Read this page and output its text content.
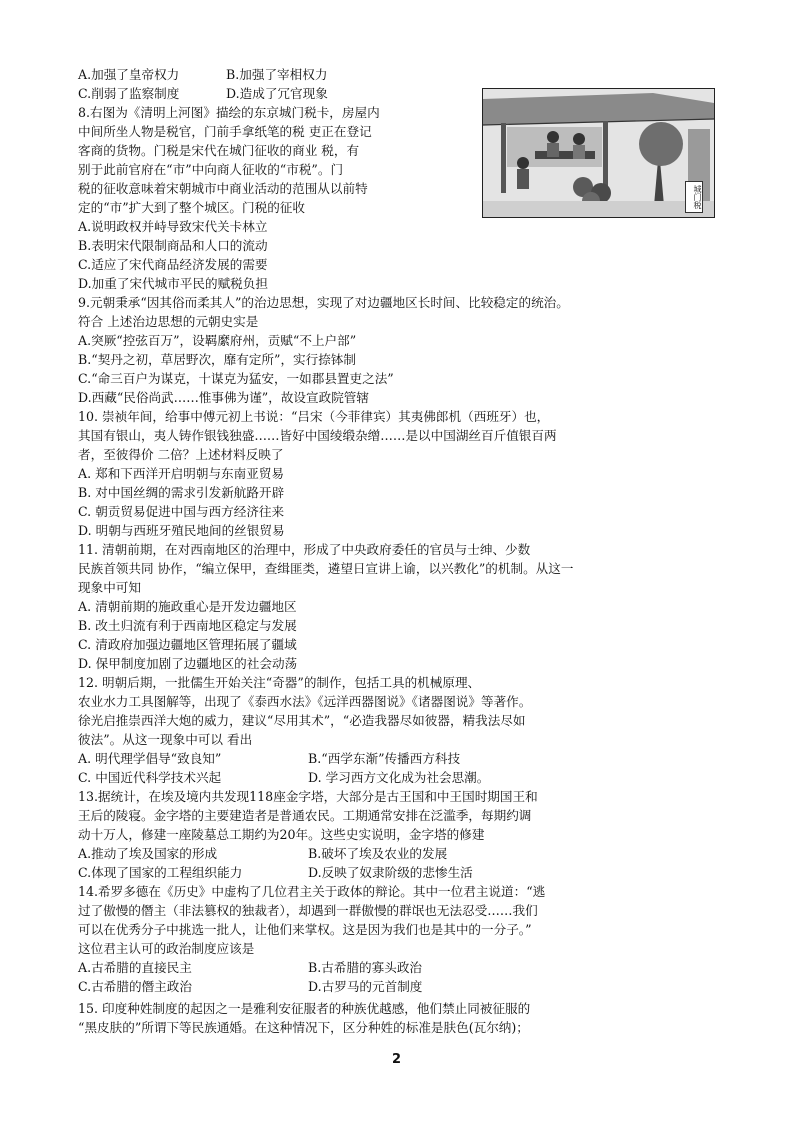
A.加强了皇帝权力	B.加强了宰相权力
C.削弱了监察制度	D.造成了冗官现象
城门税
8.右图为《清明上河图》描绘的东京城门税卡，房屋内
中间所坐人物是税官，门前手拿纸笔的税 吏正在登记
客商的货物。门税是宋代在城门征收的商业 税，有
别于此前官府在“市”中向商人征收的“市税”。门
税的征收意味着宋朝城市中商业活动的范围从以前特
定的“市”扩大到了整个城区。门税的征收
A.说明政权并峙导致宋代关卡林立
B.表明宋代限制商品和人口的流动
C.适应了宋代商品经济发展的需要
D.加重了宋代城市平民的赋税负担
9.元朝秉承“因其俗而柔其人”的治边思想，实现了对边疆地区长时间、比较稳定的统治。
符合 上述治边思想的元朝史实是
A.突厥“控弦百万”，设羁縻府州，贡赋“不上户部”
B.“契丹之初，草居野次，靡有定所”，实行捺钵制
C.“命三百户为谋克，十谋克为猛安，一如郡县置吏之法”
D.西藏“民俗尚武……惟事佛为谨”，故设宣政院管辖
10. 崇祯年间，给事中傅元初上书说：“吕宋（今菲律宾）其夷佛郎机（西班牙）也，
其国有银山，夷人铸作银钱独盛……皆好中国绫缎杂缯……是以中国湖丝百斤值银百两
者，至彼得价 二倍？上述材料反映了
A. 郑和下西洋开启明朝与东南亚贸易
B. 对中国丝绸的需求引发新航路开辟
C. 朝贡贸易促进中国与西方经济往来
D. 明朝与西班牙殖民地间的丝银贸易
11. 清朝前期，在对西南地区的治理中，形成了中央政府委任的官员与士绅、少数
民族首领共同 协作，“编立保甲，查缉匪类，遴望日宣讲上谕，以兴教化”的机制。从这一
现象中可知
A. 清朝前期的施政重心是开发边疆地区
B. 改土归流有利于西南地区稳定与发展
C. 清政府加强边疆地区管理拓展了疆域
D. 保甲制度加剧了边疆地区的社会动荡
12. 明朝后期，一批儒生开始关注“奇器”的制作，包括工具的机械原理、
农业水力工具图解等，出现了《泰西水法》《远洋西器图说》《诸器图说》等著作。
徐光启推崇西洋大炮的威力，建议“尽用其术”，“必造我器尽如彼器，精我法尽如
彼法”。从这一现象中可以 看出
A. 明代理学倡导“致良知”	B.“西学东渐”传播西方科技
C. 中国近代科学技术兴起	D. 学习西方文化成为社会思潮。
13.据统计，在埃及境内共发现118座金字塔，大部分是古王国和中王国时期国王和
王后的陵寝。金字塔的主要建造者是普通农民。工期通常安排在泛滥季，每期约调
动十万人，修建一座陵墓总工期约为20年。这些史实说明，金字塔的修建
A.推动了埃及国家的形成	B.破坏了埃及农业的发展
C.体现了国家的工程组织能力	D.反映了奴隶阶级的悲惨生活
14.希罗多德在《历史》中虚构了几位君主关于政体的辩论。其中一位君主说道：“逃
过了傲慢的僭主（非法篡权的独裁者），却遇到一群傲慢的群氓也无法忍受……我们
可以在优秀分子中挑选一批人，让他们来掌权。这是因为我们也是其中的一分子。”
这位君主认可的政治制度应该是
A.古希腊的直接民主	B.古希腊的寡头政治
C.古希腊的僭主政治	D.古罗马的元首制度
15. 印度种姓制度的起因之一是雅利安征服者的种族优越感，他们禁止同被征服的
“黑皮肤的”所谓下等民族通婚。在这种情况下，区分种姓的标准是肤色(瓦尔纳)；
2
